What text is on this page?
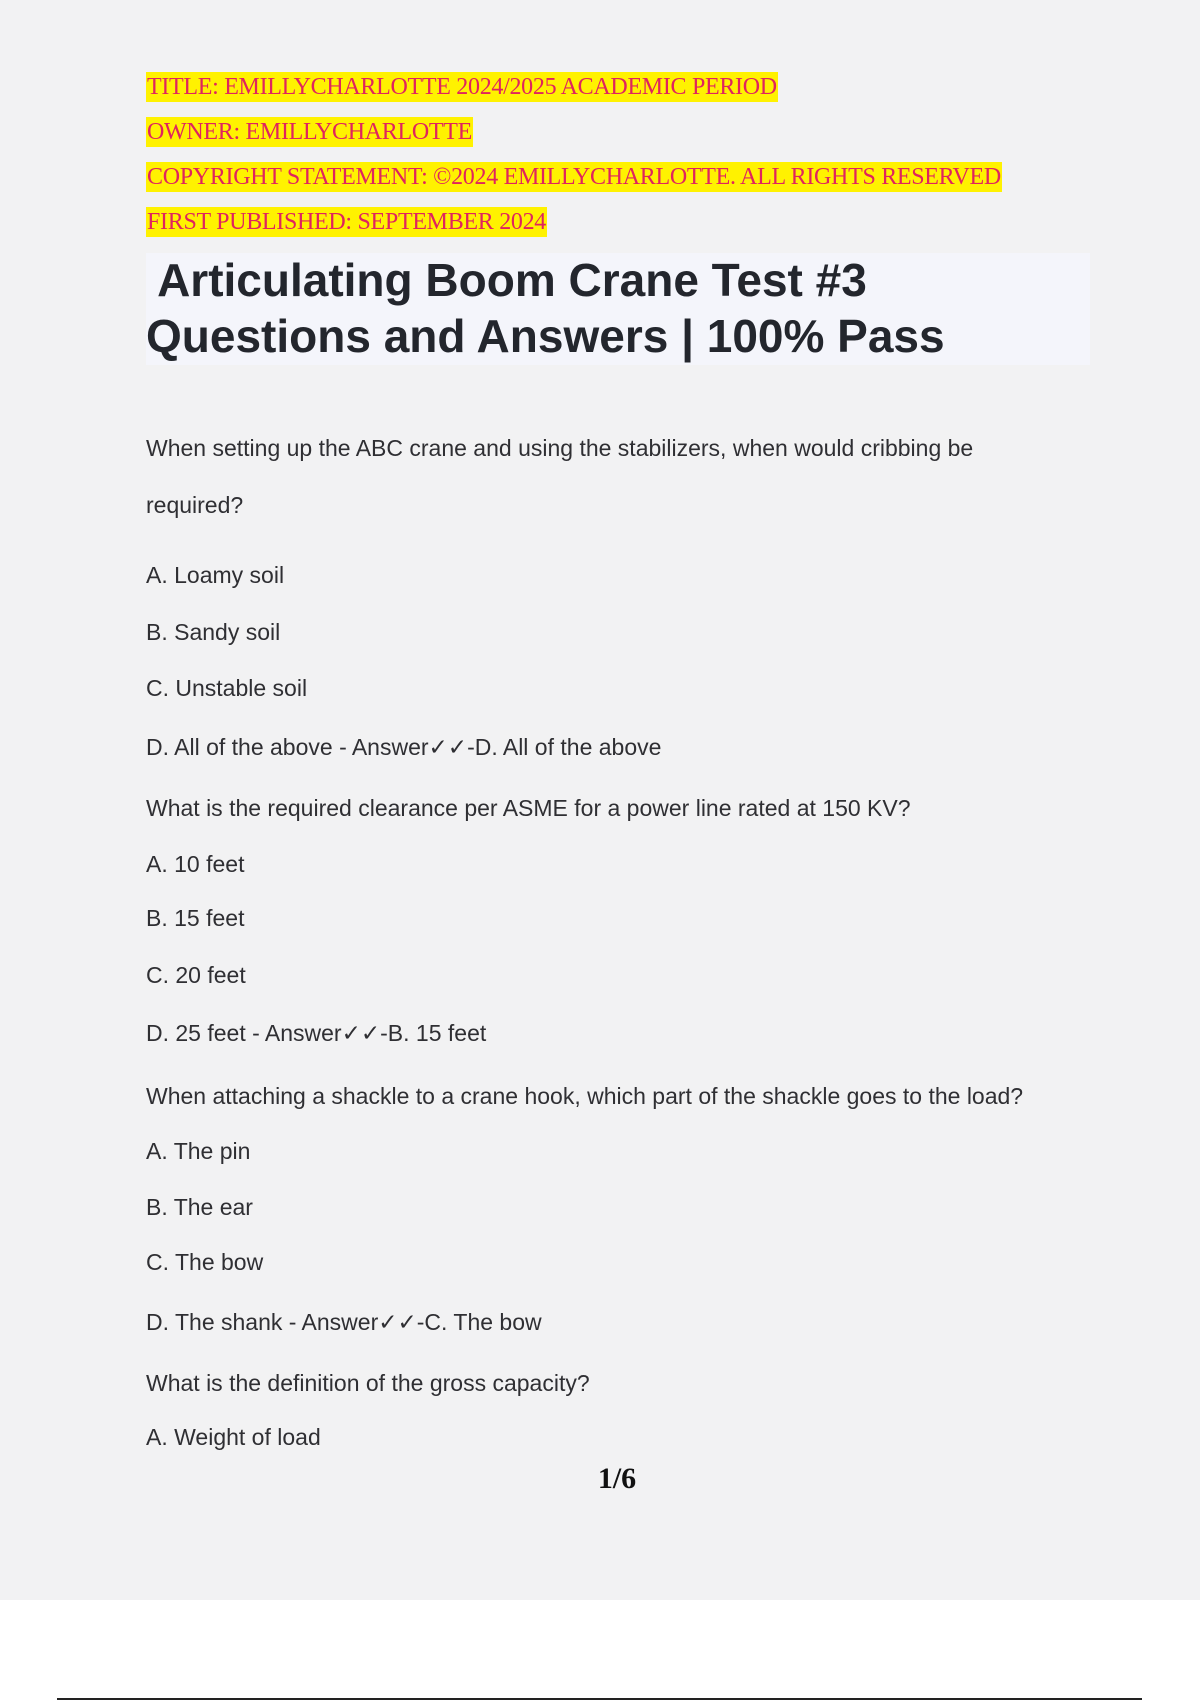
TITLE: EMILLYCHARLOTTE 2024/2025 ACADEMIC PERIOD
OWNER: EMILLYCHARLOTTE
COPYRIGHT STATEMENT: ©2024 EMILLYCHARLOTTE. ALL RIGHTS RESERVED
FIRST PUBLISHED: SEPTEMBER 2024
Articulating Boom Crane Test #3
Questions and Answers | 100% Pass
When setting up the ABC crane and using the stabilizers, when would cribbing be
required?
A. Loamy soil
B. Sandy soil
C. Unstable soil
D. All of the above - Answer✓✓-D. All of the above
What is the required clearance per ASME for a power line rated at 150 KV?
A. 10 feet
B. 15 feet
C. 20 feet
D. 25 feet - Answer✓✓-B. 15 feet
When attaching a shackle to a crane hook, which part of the shackle goes to the load?
A. The pin
B. The ear
C. The bow
D. The shank - Answer✓✓-C. The bow
What is the definition of the gross capacity?
A. Weight of load
1/6
